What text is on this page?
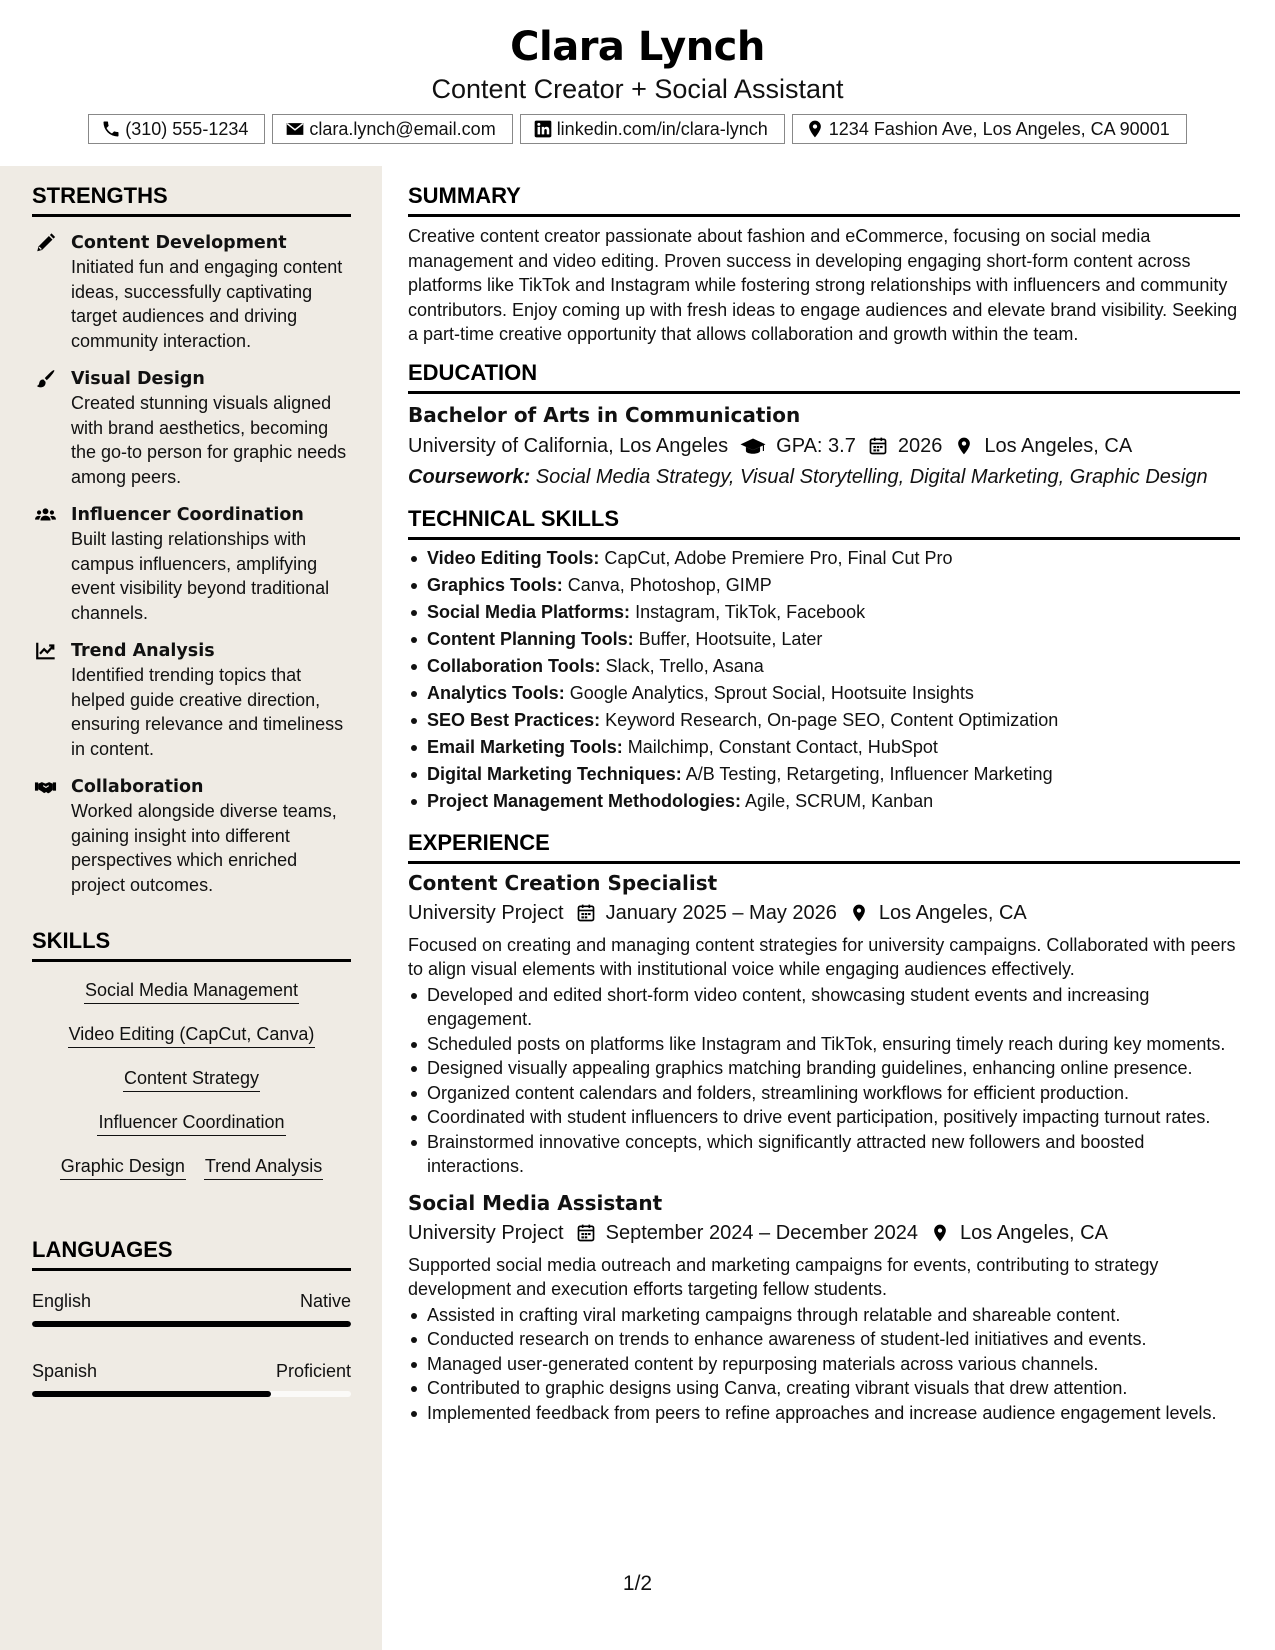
Clara Lynch
Content Creator + Social Assistant
(310) 555-1234	clara.lynch@email.com	linkedin.com/in/clara-lynch	1234 Fashion Ave, Los Angeles, CA 90001
STRENGTHS
Content Development
Initiated fun and engaging content ideas, successfully captivating target audiences and driving community interaction.
Visual Design
Created stunning visuals aligned with brand aesthetics, becoming the go-to person for graphic needs among peers.
Influencer Coordination
Built lasting relationships with campus influencers, amplifying event visibility beyond traditional channels.
Trend Analysis
Identified trending topics that helped guide creative direction, ensuring relevance and timeliness in content.
Collaboration
Worked alongside diverse teams, gaining insight into different perspectives which enriched project outcomes.
SKILLS
Social Media Management
Video Editing (CapCut, Canva)
Content Strategy
Influencer Coordination
Graphic Design Trend Analysis
LANGUAGES
English	Native
Spanish	Proficient
SUMMARY
Creative content creator passionate about fashion and eCommerce, focusing on social media management and video editing. Proven success in developing engaging short-form content across platforms like TikTok and Instagram while fostering strong relationships with influencers and community contributors. Enjoy coming up with fresh ideas to engage audiences and elevate brand visibility. Seeking a part-time creative opportunity that allows collaboration and growth within the team.
EDUCATION
Bachelor of Arts in Communication
University of California, Los Angeles GPA: 3.7 2026 Los Angeles, CA
Coursework: Social Media Strategy, Visual Storytelling, Digital Marketing, Graphic Design
TECHNICAL SKILLS
Video Editing Tools: CapCut, Adobe Premiere Pro, Final Cut Pro
Graphics Tools: Canva, Photoshop, GIMP
Social Media Platforms: Instagram, TikTok, Facebook
Content Planning Tools: Buffer, Hootsuite, Later
Collaboration Tools: Slack, Trello, Asana
Analytics Tools: Google Analytics, Sprout Social, Hootsuite Insights
SEO Best Practices: Keyword Research, On-page SEO, Content Optimization
Email Marketing Tools: Mailchimp, Constant Contact, HubSpot
Digital Marketing Techniques: A/B Testing, Retargeting, Influencer Marketing
Project Management Methodologies: Agile, SCRUM, Kanban
EXPERIENCE
Content Creation Specialist
University Project January 2025 – May 2026 Los Angeles, CA
Focused on creating and managing content strategies for university campaigns. Collaborated with peers to align visual elements with institutional voice while engaging audiences effectively.
Developed and edited short-form video content, showcasing student events and increasing engagement.
Scheduled posts on platforms like Instagram and TikTok, ensuring timely reach during key moments.
Designed visually appealing graphics matching branding guidelines, enhancing online presence.
Organized content calendars and folders, streamlining workflows for efficient production.
Coordinated with student influencers to drive event participation, positively impacting turnout rates.
Brainstormed innovative concepts, which significantly attracted new followers and boosted interactions.
Social Media Assistant
University Project September 2024 – December 2024 Los Angeles, CA
Supported social media outreach and marketing campaigns for events, contributing to strategy development and execution efforts targeting fellow students.
Assisted in crafting viral marketing campaigns through relatable and shareable content.
Conducted research on trends to enhance awareness of student-led initiatives and events.
Managed user-generated content by repurposing materials across various channels.
Contributed to graphic designs using Canva, creating vibrant visuals that drew attention.
Implemented feedback from peers to refine approaches and increase audience engagement levels.
1/2
